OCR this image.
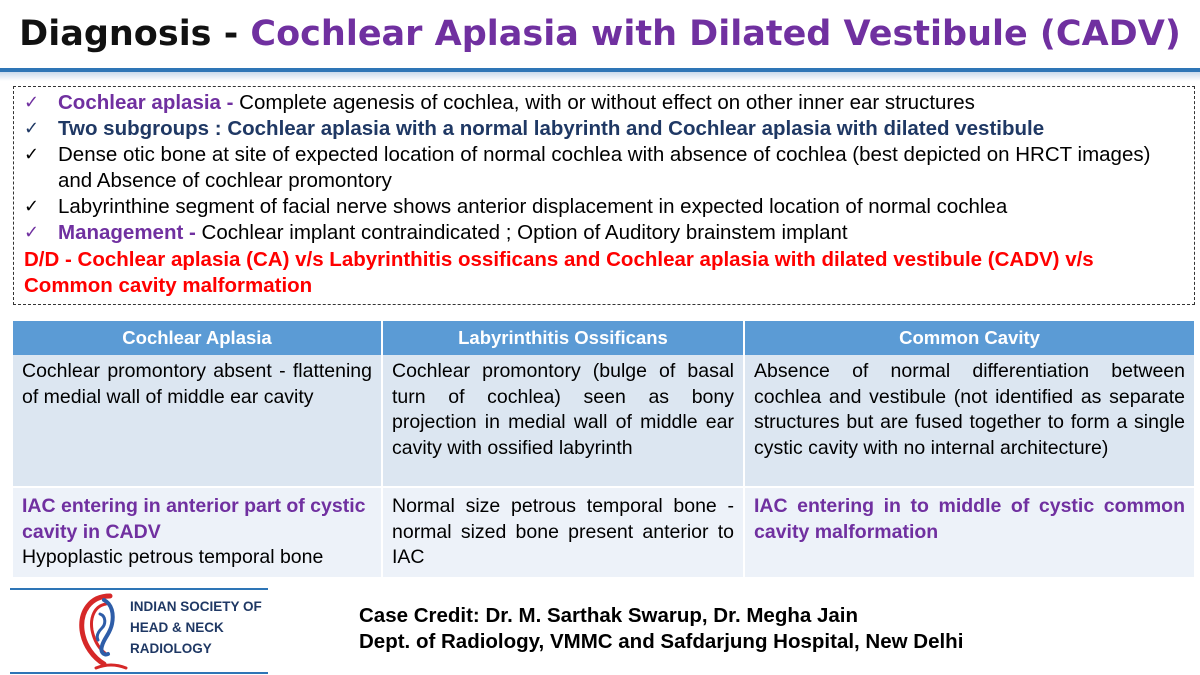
Diagnosis - Cochlear Aplasia with Dilated Vestibule (CADV)
✓ Cochlear aplasia - Complete agenesis of cochlea, with or without effect on other inner ear structures
✓ Two subgroups : Cochlear aplasia with a normal labyrinth and Cochlear aplasia with dilated vestibule
✓ Dense otic bone at site of expected location of normal cochlea with absence of cochlea (best depicted on HRCT images) and Absence of cochlear promontory
✓ Labyrinthine segment of facial nerve shows anterior displacement in expected location of normal cochlea
✓ Management - Cochlear implant contraindicated ; Option of Auditory brainstem implant
D/D - Cochlear aplasia (CA) v/s Labyrinthitis ossificans and Cochlear aplasia with dilated vestibule (CADV) v/s Common cavity malformation
Cochlear Aplasia	Labyrinthitis Ossificans	Common Cavity
Cochlear promontory absent - flattening of medial wall of middle ear cavity	Cochlear promontory (bulge of basal turn of cochlea) seen as bony projection in medial wall of middle ear cavity with ossified labyrinth	Absence of normal differentiation between cochlea and vestibule (not identified as separate structures but are fused together to form a single cystic cavity with no internal architecture)

IAC entering in anterior part of cystic cavity in CADV
Hypoplastic petrous temporal bone	Normal size petrous temporal bone - normal sized bone present anterior to IAC	IAC entering in to middle of cystic common cavity malformation
INDIAN SOCIETY OF
HEAD & NECK
RADIOLOGY
Case Credit: Dr. M. Sarthak Swarup, Dr. Megha Jain
Dept. of Radiology, VMMC and Safdarjung Hospital, New Delhi
